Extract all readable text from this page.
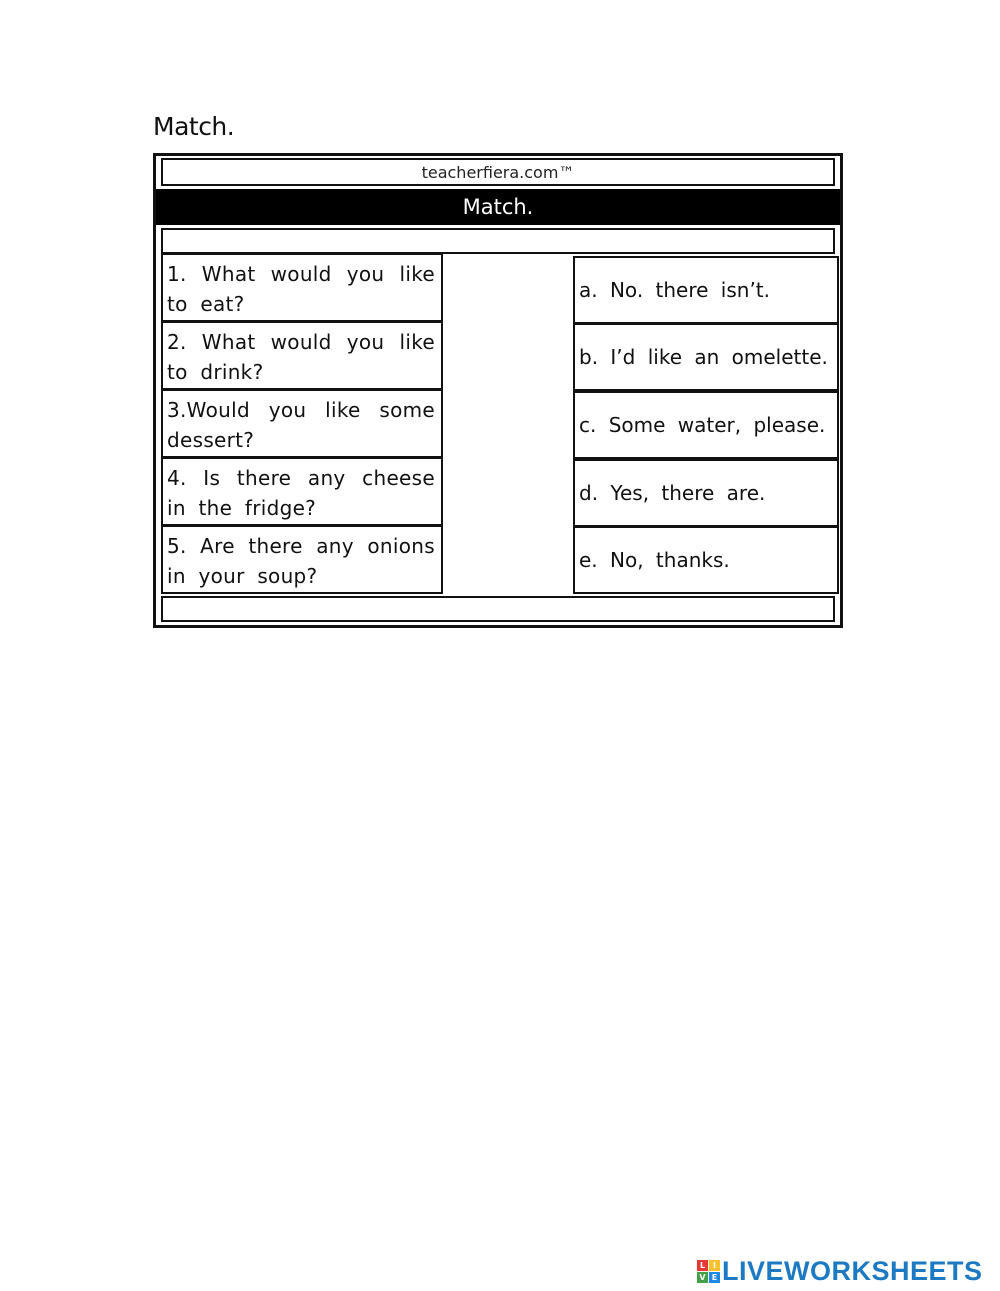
Match.
teacherfiera.com™
Match.
1. What would you like to eat?
2. What would you like to drink?
3.Would you like some dessert?
4. Is there any cheese in the fridge?
5. Are there any onions in your soup?
a. No. there isn’t.
b. I’d like an omelette.
c. Some water, please.
d. Yes, there are.
e. No, thanks.
L I
V E LIVEWORKSHEETS
